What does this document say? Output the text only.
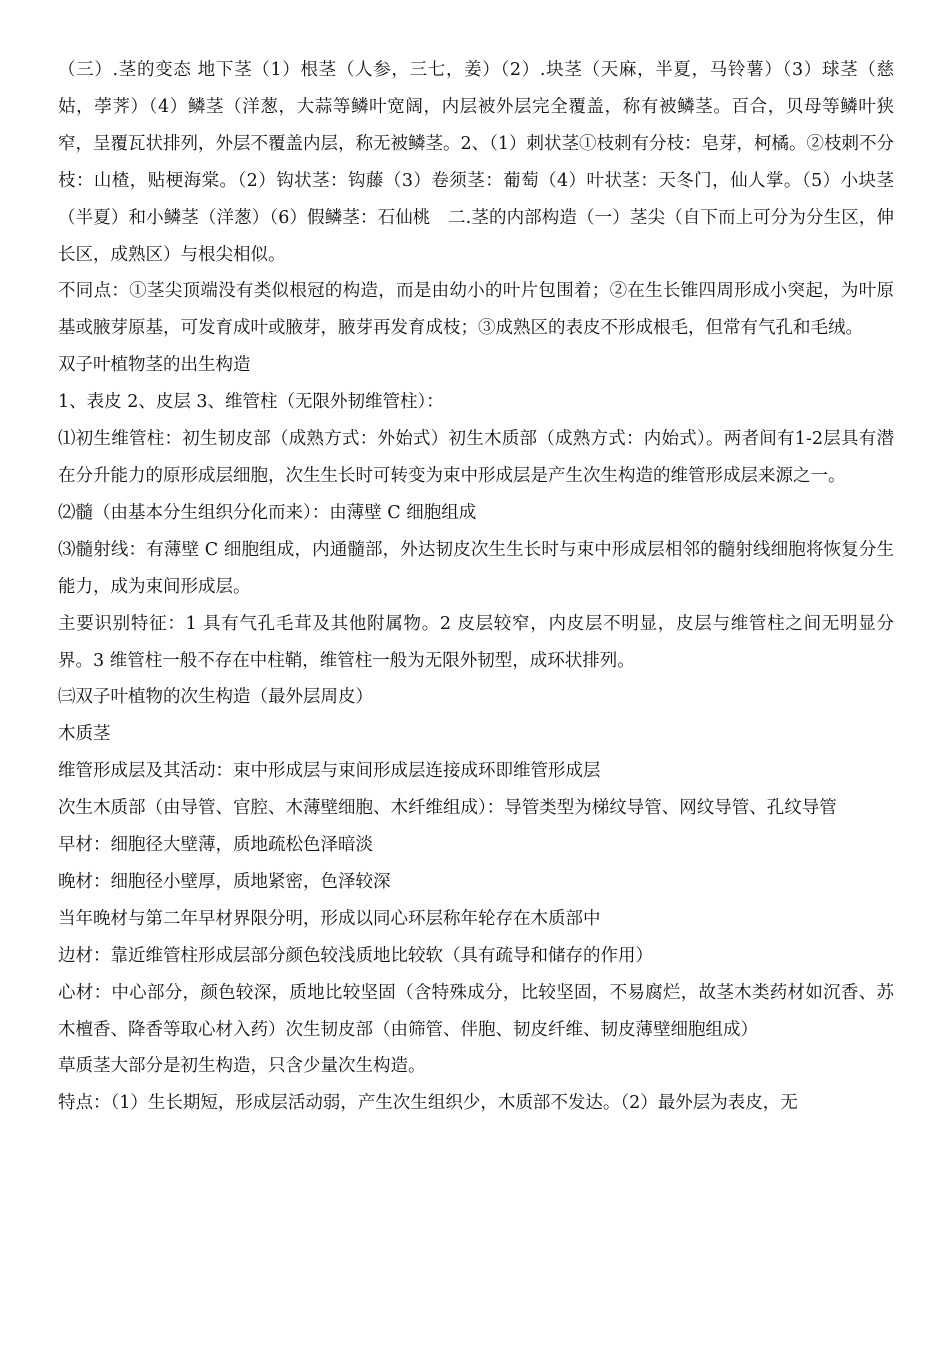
（三）.茎的变态 地下茎（1）根茎（人参，三七，姜）（2）.块茎（天麻，半夏，马铃薯）（3）球茎（慈姑，荸荠）（4）鳞茎（洋葱，大蒜等鳞叶宽阔，内层被外层完全覆盖，称有被鳞茎。百合，贝母等鳞叶狭窄，呈覆瓦状排列，外层不覆盖内层，称无被鳞茎。2、（1）刺状茎①枝刺有分枝：皂芽，柯橘。②枝刺不分枝：山楂，贴梗海棠。（2）钩状茎：钩藤（3）卷须茎：葡萄（4）叶状茎：天冬门，仙人掌。（5）小块茎（半夏）和小鳞茎（洋葱）（6）假鳞茎：石仙桃　二.茎的内部构造（一）茎尖（自下而上可分为分生区，伸长区，成熟区）与根尖相似。

不同点：①茎尖顶端没有类似根冠的构造，而是由幼小的叶片包围着；②在生长锥四周形成小突起，为叶原基或腋芽原基，可发育成叶或腋芽，腋芽再发育成枝；③成熟区的表皮不形成根毛，但常有气孔和毛绒。

双子叶植物茎的出生构造

1、表皮 2、皮层 3、维管柱（无限外韧维管柱）：

⑴初生维管柱：初生韧皮部（成熟方式：外始式）初生木质部（成熟方式：内始式）。两者间有1-2层具有潜在分升能力的原形成层细胞，次生生长时可转变为束中形成层是产生次生构造的维管形成层来源之一。

⑵髓（由基本分生组织分化而来）：由薄壁 C 细胞组成

⑶髓射线：有薄壁 C 细胞组成，内通髓部，外达韧皮次生生长时与束中形成层相邻的髓射线细胞将恢复分生能力，成为束间形成层。

主要识别特征：1 具有气孔毛茸及其他附属物。2 皮层较窄，内皮层不明显，皮层与维管柱之间无明显分界。3 维管柱一般不存在中柱鞘，维管柱一般为无限外韧型，成环状排列。

㈢双子叶植物的次生构造（最外层周皮）

木质茎

维管形成层及其活动：束中形成层与束间形成层连接成环即维管形成层

次生木质部（由导管、官腔、木薄壁细胞、木纤维组成）：导管类型为梯纹导管、网纹导管、孔纹导管

早材：细胞径大壁薄，质地疏松色泽暗淡

晚材：细胞径小壁厚，质地紧密，色泽较深

当年晚材与第二年早材界限分明，形成以同心环层称年轮存在木质部中

边材：靠近维管柱形成层部分颜色较浅质地比较软（具有疏导和储存的作用）

心材：中心部分，颜色较深，质地比较坚固（含特殊成分，比较坚固，不易腐烂，故茎木类药材如沉香、苏木檀香、降香等取心材入药）次生韧皮部（由筛管、伴胞、韧皮纤维、韧皮薄壁细胞组成）

草质茎大部分是初生构造，只含少量次生构造。

特点：（1）生长期短，形成层活动弱，产生次生组织少，木质部不发达。（2）最外层为表皮，无
